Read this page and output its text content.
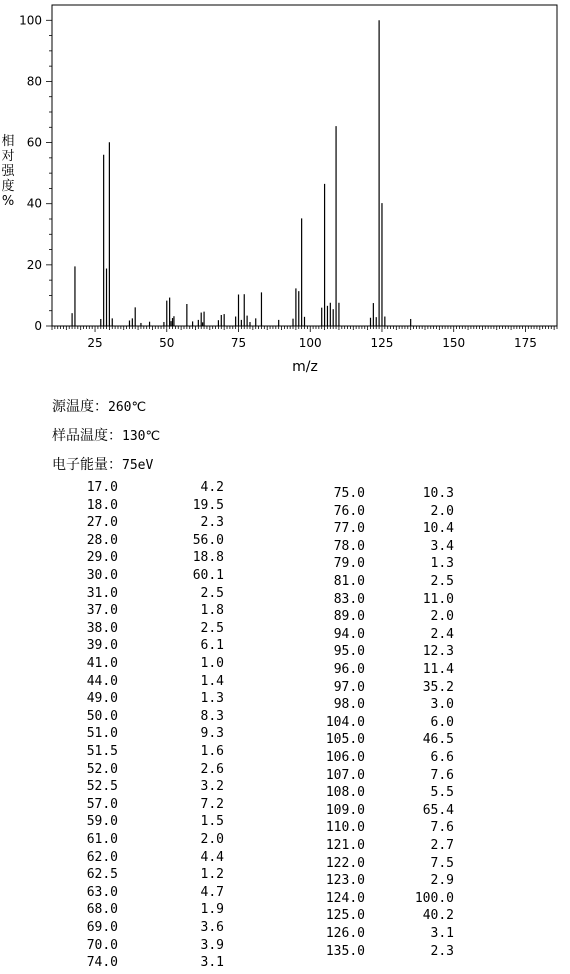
25	50	75	100	125	150	175
0
20
40
60
80
100
m/z
相
对
强
度
%
源温度：260℃
样品温度：130℃
电子能量：75eV
17.0	4.2
18.0	19.5
27.0	2.3
28.0	56.0
29.0	18.8
30.0	60.1
31.0	2.5
37.0	1.8
38.0	2.5
39.0	6.1
41.0	1.0
44.0	1.4
49.0	1.3
50.0	8.3
51.0	9.3
51.5	1.6
52.0	2.6
52.5	3.2
57.0	7.2
59.0	1.5
61.0	2.0
62.0	4.4
62.5	1.2
63.0	4.7
68.0	1.9
69.0	3.6
70.0	3.9
74.0	3.1
75.0	10.3
76.0	2.0
77.0	10.4
78.0	3.4
79.0	1.3
81.0	2.5
83.0	11.0
89.0	2.0
94.0	2.4
95.0	12.3
96.0	11.4
97.0	35.2
98.0	3.0
104.0	6.0
105.0	46.5
106.0	6.6
107.0	7.6
108.0	5.5
109.0	65.4
110.0	7.6
121.0	2.7
122.0	7.5
123.0	2.9
124.0	100.0
125.0	40.2
126.0	3.1
135.0	2.3
